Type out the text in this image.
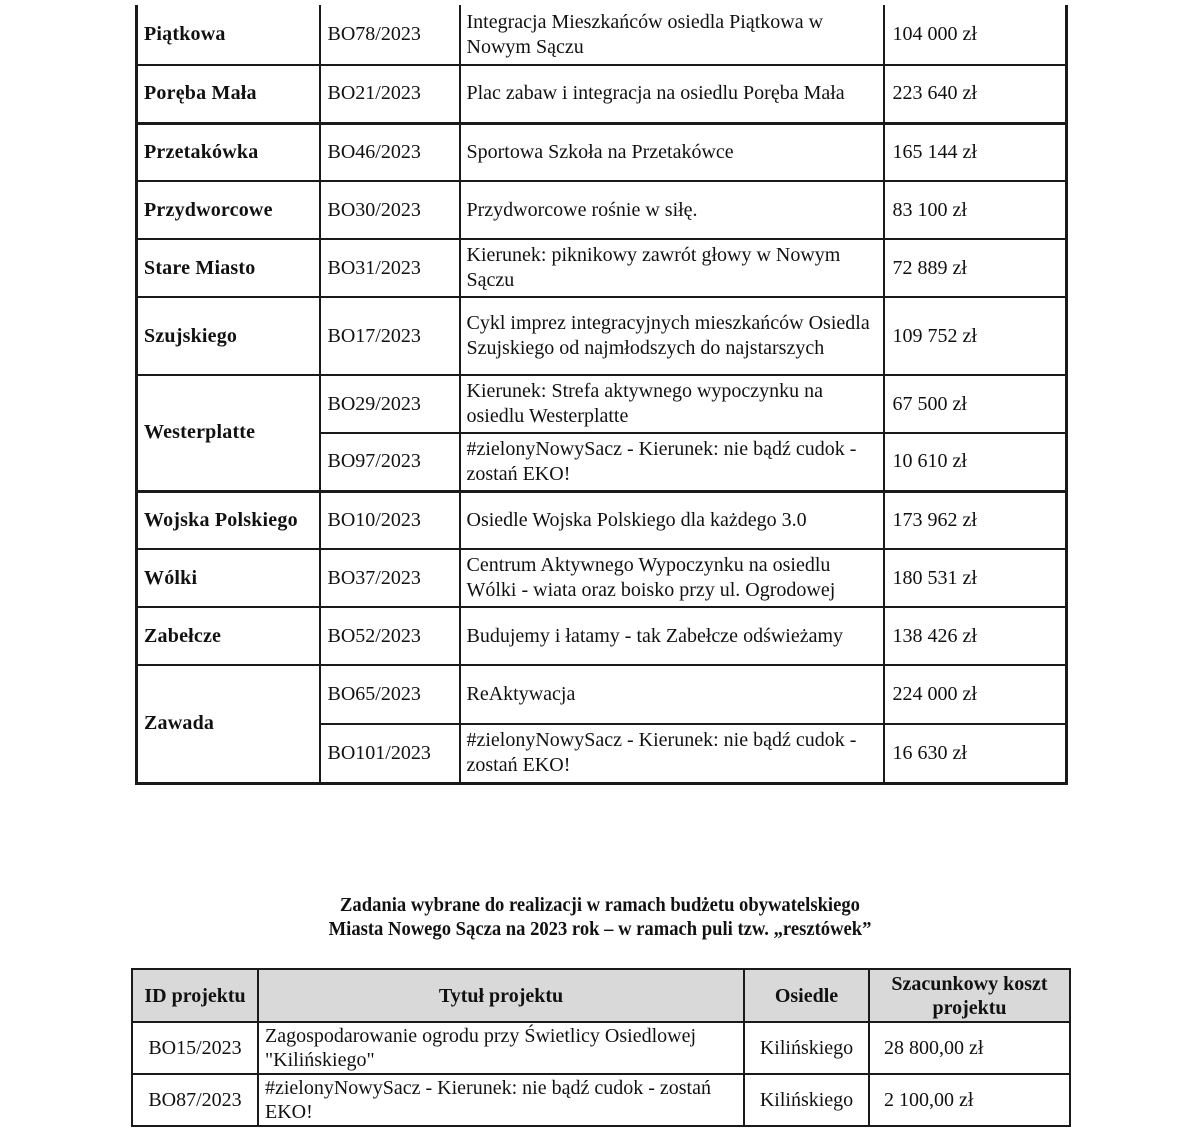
Piątkowa	BO78/2023	Integracja Mieszkańców osiedla Piątkowa w Nowym Sączu	104 000 zł
Poręba Mała	BO21/2023	Plac zabaw i integracja na osiedlu Poręba Mała	223 640 zł
Przetakówka	BO46/2023	Sportowa Szkoła na Przetakówce	165 144 zł
Przydworcowe	BO30/2023	Przydworcowe rośnie w siłę.	83 100 zł
Stare Miasto	BO31/2023	Kierunek: piknikowy zawrót głowy w Nowym Sączu	72 889 zł
Szujskiego	BO17/2023	Cykl imprez integracyjnych mieszkańców Osiedla Szujskiego od najmłodszych do najstarszych	109 752 zł
Westerplatte	BO29/2023	Kierunek: Strefa aktywnego wypoczynku na osiedlu Westerplatte	67 500 zł
	BO97/2023	#zielonyNowySacz - Kierunek: nie bądź cudok - zostań EKO!	10 610 zł
Wojska Polskiego	BO10/2023	Osiedle Wojska Polskiego dla każdego 3.0	173 962 zł
Wólki	BO37/2023	Centrum Aktywnego Wypoczynku na osiedlu Wólki - wiata oraz boisko przy ul. Ogrodowej	180 531 zł
Zabełcze	BO52/2023	Budujemy i łatamy - tak Zabełcze odświeżamy	138 426 zł
Zawada	BO65/2023	ReAktywacja	224 000 zł
	BO101/2023	#zielonyNowySacz - Kierunek: nie bądź cudok - zostań EKO!	16 630 zł
Zadania wybrane do realizacji w ramach budżetu obywatelskiego
Miasta Nowego Sącza na 2023 rok – w ramach puli tzw. „resztówek”
ID projektu	Tytuł projektu	Osiedle	Szacunkowy koszt projektu
BO15/2023	Zagospodarowanie ogrodu przy Świetlicy Osiedlowej "Kilińskiego"	Kilińskiego	28 800,00 zł
BO87/2023	#zielonyNowySacz - Kierunek: nie bądź cudok - zostań EKO!	Kilińskiego	2 100,00 zł
